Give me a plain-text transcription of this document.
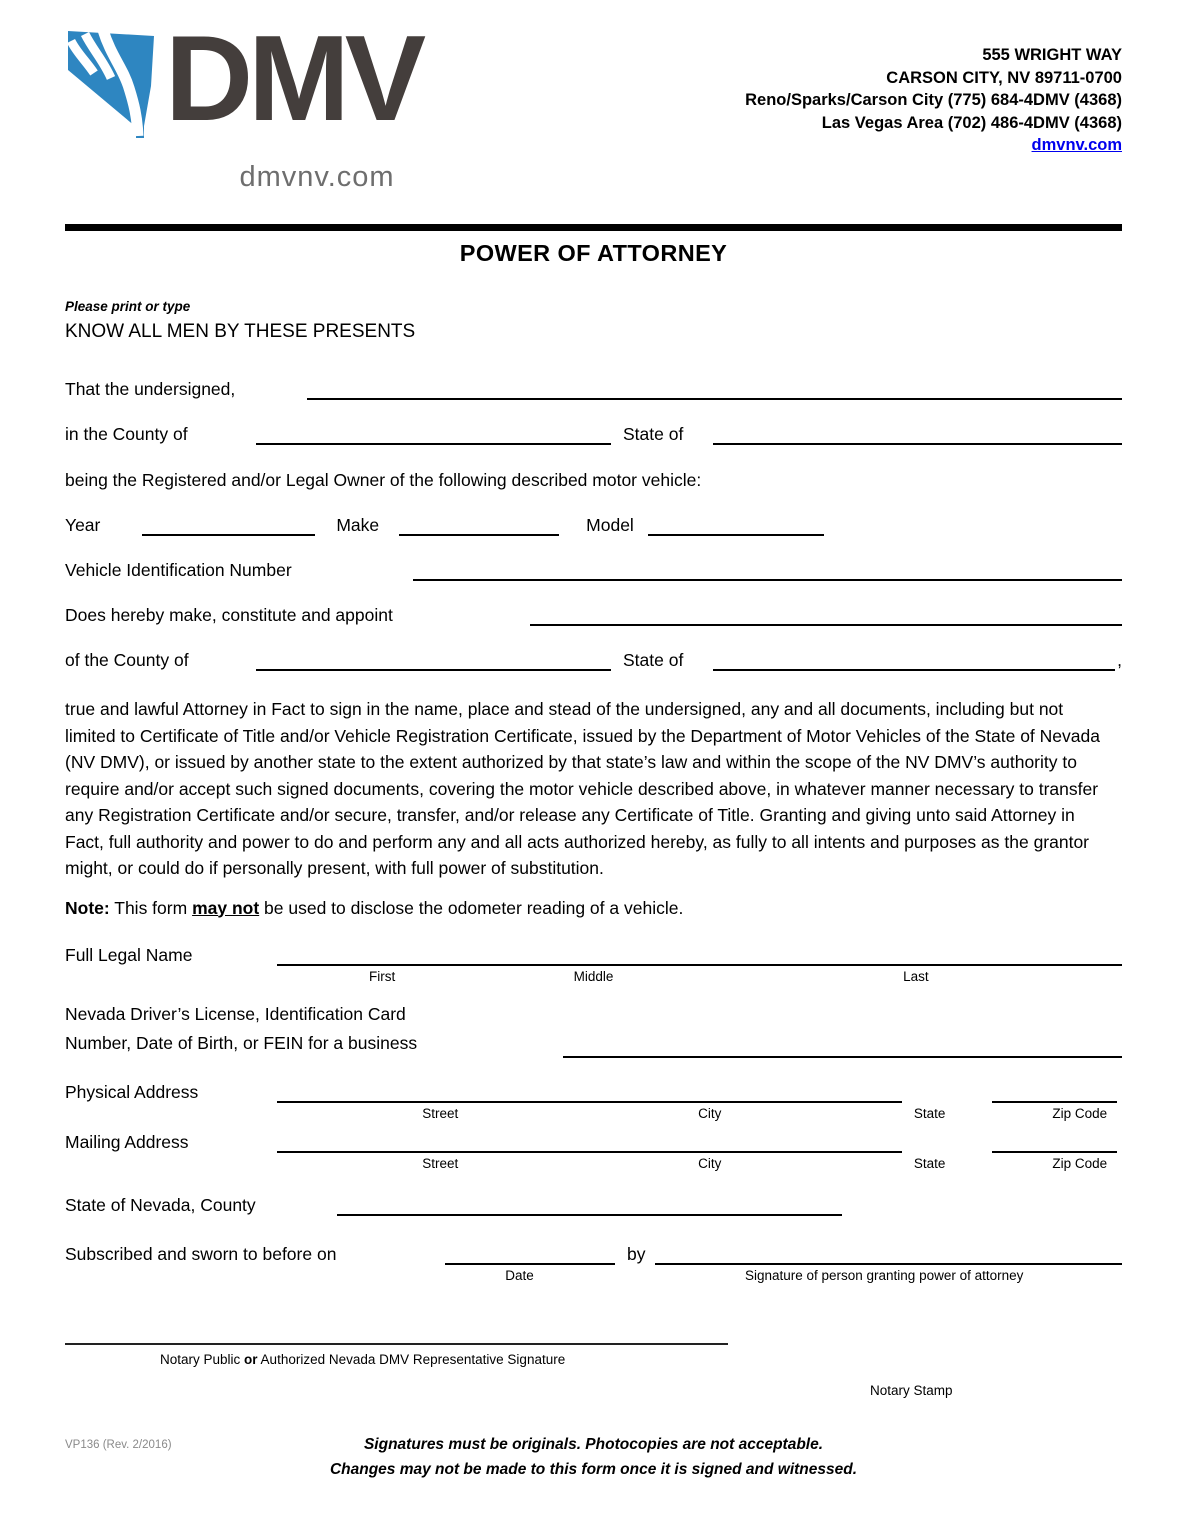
DMV
dmvnv.com
555 WRIGHT WAY
CARSON CITY, NV 89711-0700
Reno/Sparks/Carson City (775) 684-4DMV (4368)
Las Vegas Area (702) 486-4DMV (4368)
dmvnv.com
POWER OF ATTORNEY
Please print or type
KNOW ALL MEN BY THESE PRESENTS
That the undersigned,
in the County of	State of
being the Registered and/or Legal Owner of the following described motor vehicle:
Year	Make	Model
Vehicle Identification Number
Does hereby make, constitute and appoint
of the County of	State of	,
true and lawful Attorney in Fact to sign in the name, place and stead of the undersigned, any and all documents, including but not limited to Certificate of Title and/or Vehicle Registration Certificate, issued by the Department of Motor Vehicles of the State of Nevada (NV DMV), or issued by another state to the extent authorized by that state’s law and within the scope of the NV DMV’s authority to require and/or accept such signed documents, covering the motor vehicle described above, in whatever manner necessary to transfer any Registration Certificate and/or secure, transfer, and/or release any Certificate of Title. Granting and giving unto said Attorney in Fact, full authority and power to do and perform any and all acts authorized hereby, as fully to all intents and purposes as the grantor might, or could do if personally present, with full power of substitution.
Note: This form may not be used to disclose the odometer reading of a vehicle.
Full Legal Name
First	Middle	Last
Nevada Driver’s License, Identification Card
Number, Date of Birth, or FEIN for a business
Physical Address
Street	City	State	Zip Code
Mailing Address
Street	City	State	Zip Code
State of Nevada, County
Subscribed and sworn to before on	by
Date	Signature of person granting power of attorney
Notary Public or Authorized Nevada DMV Representative Signature
Notary Stamp
VP136 (Rev. 2/2016)	Signatures must be originals. Photocopies are not acceptable.
Changes may not be made to this form once it is signed and witnessed.
